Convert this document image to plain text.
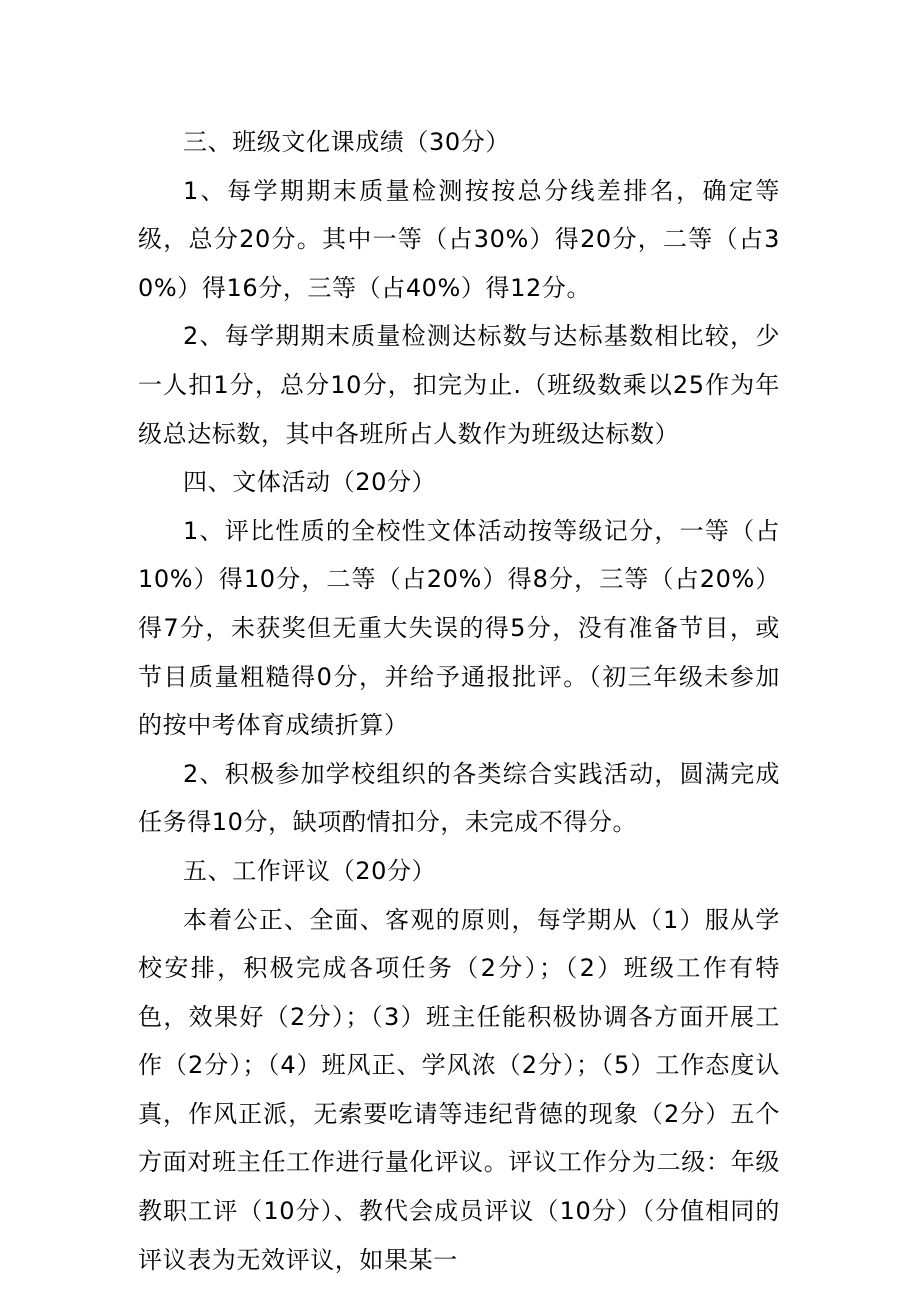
三、班级文化课成绩（30分）

1、每学期期末质量检测按按总分线差排名，确定等级，总分20分。其中一等（占30%）得20分，二等（占30%）得16分，三等（占40%）得12分。

2、每学期期末质量检测达标数与达标基数相比较，少一人扣1分，总分10分，扣完为止.（班级数乘以25作为年级总达标数，其中各班所占人数作为班级达标数）

四、文体活动（20分）

1、评比性质的全校性文体活动按等级记分，一等（占10%）得10分，二等（占20%）得8分，三等（占20%）得7分，未获奖但无重大失误的得5分，没有准备节目，或节目质量粗糙得0分，并给予通报批评。（初三年级未参加的按中考体育成绩折算）

2、积极参加学校组织的各类综合实践活动，圆满完成任务得10分，缺项酌情扣分，未完成不得分。

五、工作评议（20分）

本着公正、全面、客观的原则，每学期从（1）服从学校安排，积极完成各项任务（2分）；（2）班级工作有特色，效果好（2分）；（3）班主任能积极协调各方面开展工作（2分）；（4）班风正、学风浓（2分）；（5）工作态度认真，作风正派，无索要吃请等违纪背德的现象（2分）五个方面对班主任工作进行量化评议。评议工作分为二级：年级教职工评（10分）、教代会成员评议（10分）（分值相同的评议表为无效评议，如果某一
